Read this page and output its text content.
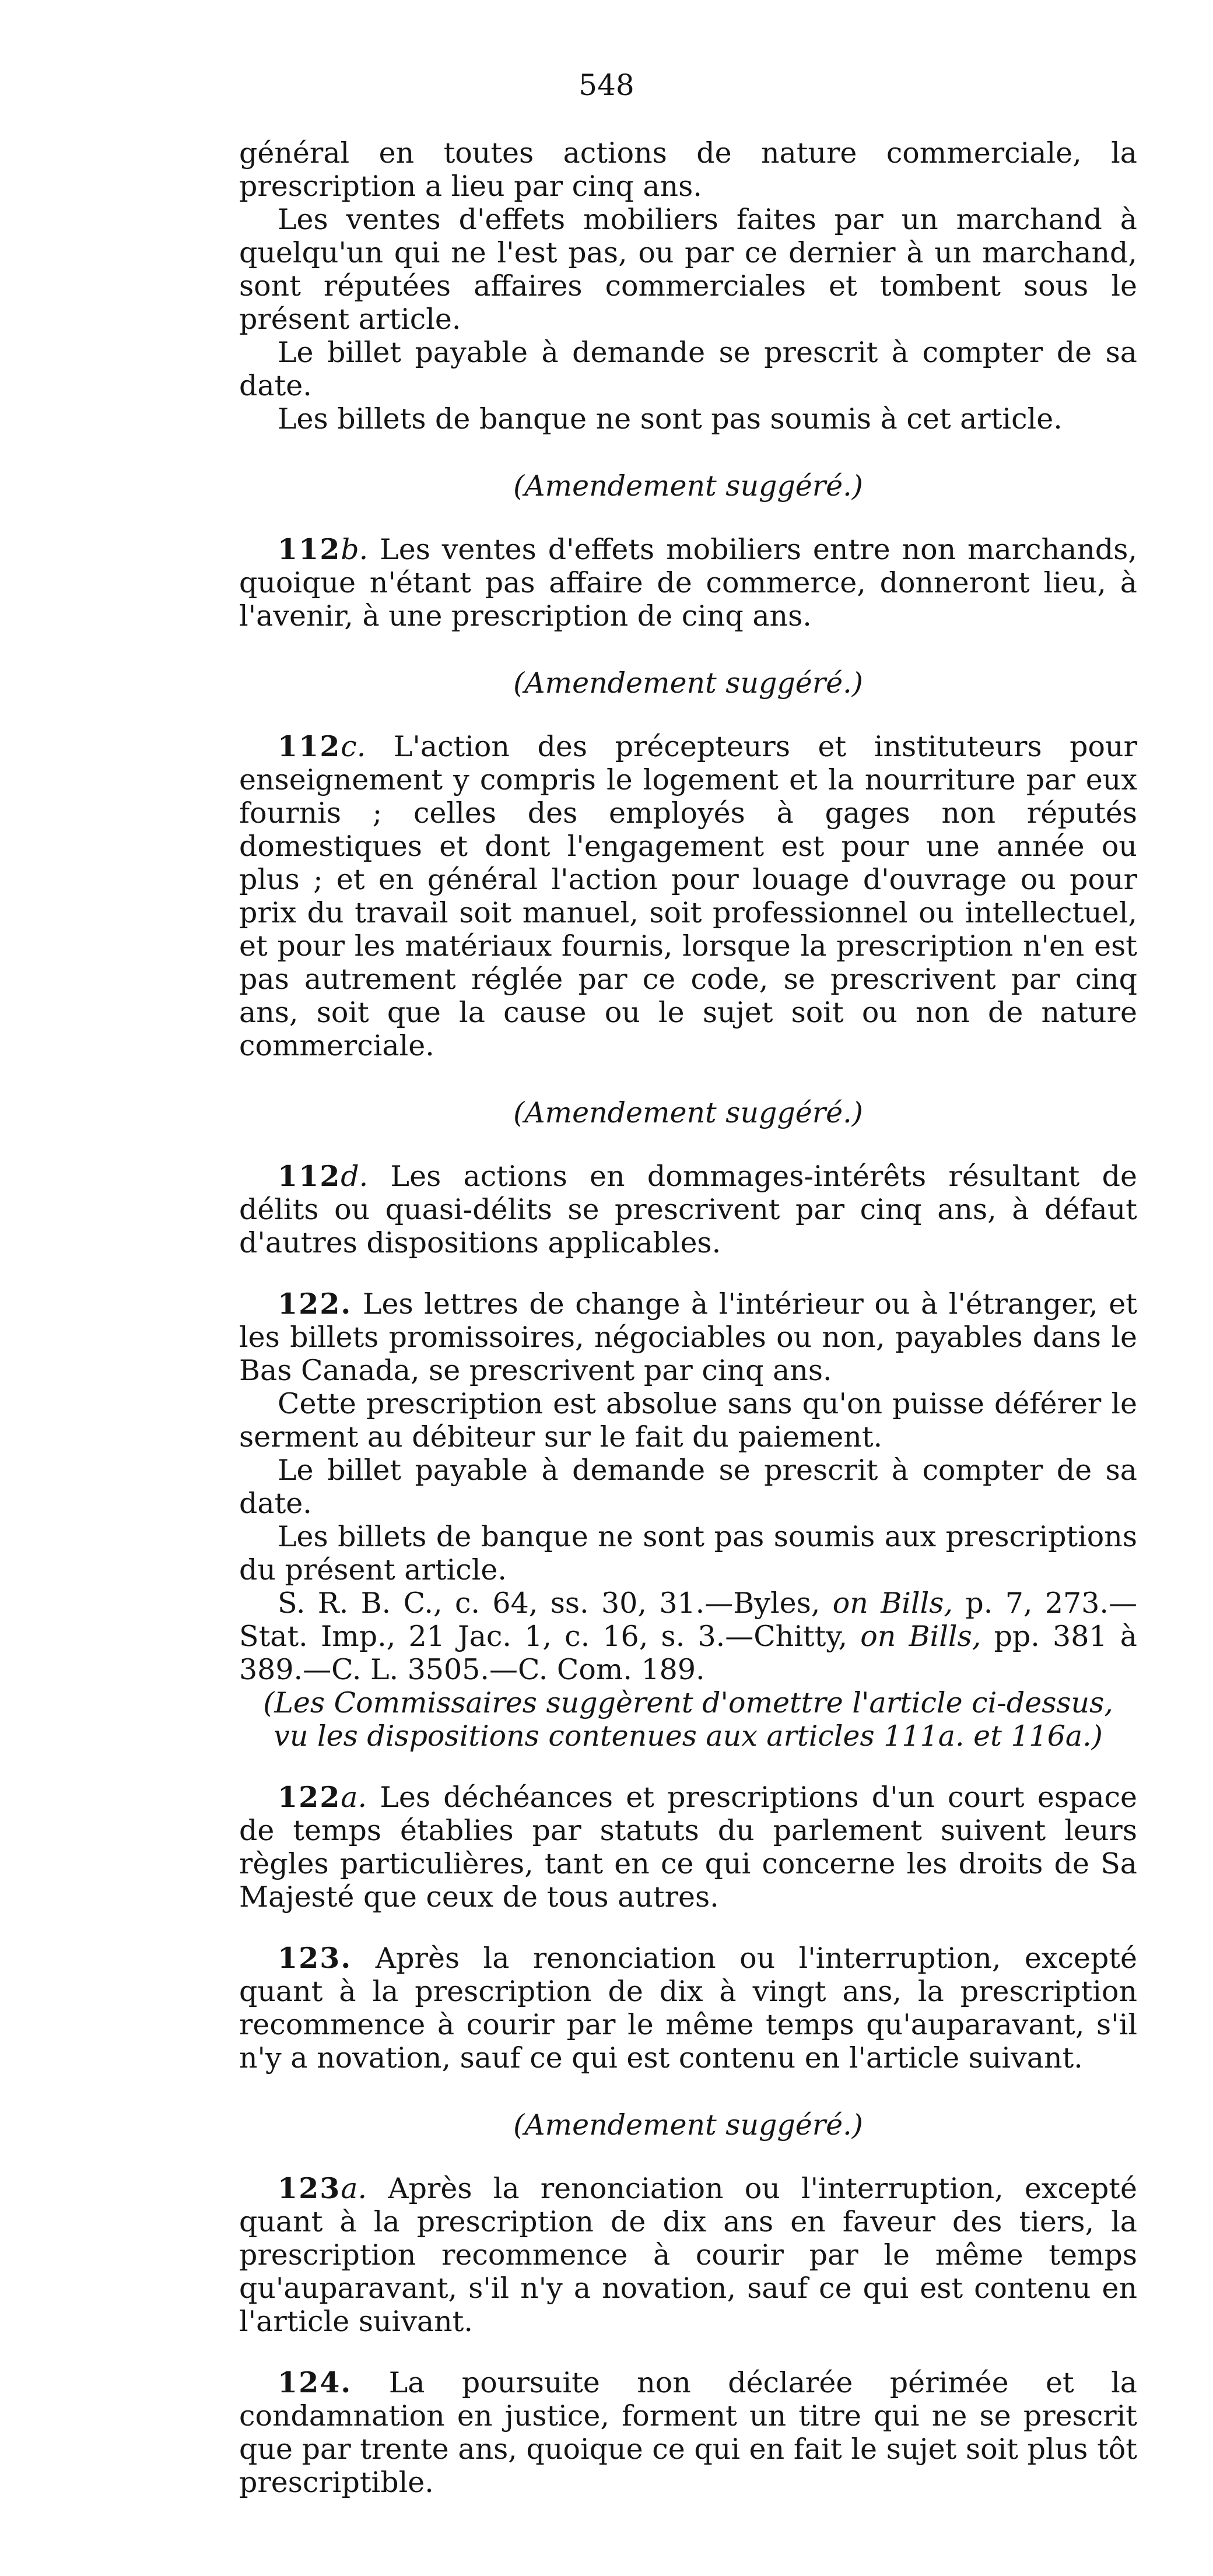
548

général en toutes actions de nature commerciale, la prescription a lieu par cinq ans.

Les ventes d'effets mobiliers faites par un marchand à quelqu'un qui ne l'est pas, ou par ce dernier à un marchand, sont réputées affaires commerciales et tombent sous le présent article.

Le billet payable à demande se prescrit à compter de sa date.

Les billets de banque ne sont pas soumis à cet article.

(Amendement suggéré.)

112b. Les ventes d'effets mobiliers entre non marchands, quoique n'étant pas affaire de commerce, donneront lieu, à l'avenir, à une prescription de cinq ans.

(Amendement suggéré.)

112c. L'action des précepteurs et instituteurs pour enseignement y compris le logement et la nourriture par eux fournis ; celles des employés à gages non réputés domestiques et dont l'engagement est pour une année ou plus ; et en général l'action pour louage d'ouvrage ou pour prix du travail soit manuel, soit professionnel ou intellectuel, et pour les matériaux fournis, lorsque la prescription n'en est pas autrement réglée par ce code, se prescrivent par cinq ans, soit que la cause ou le sujet soit ou non de nature commerciale.

(Amendement suggéré.)

112d. Les actions en dommages-intérêts résultant de délits ou quasi-délits se prescrivent par cinq ans, à défaut d'autres dispositions applicables.

122. Les lettres de change à l'intérieur ou à l'étranger, et les billets promissoires, négociables ou non, payables dans le Bas Canada, se prescrivent par cinq ans.

Cette prescription est absolue sans qu'on puisse déférer le serment au débiteur sur le fait du paiement.

Le billet payable à demande se prescrit à compter de sa date.

Les billets de banque ne sont pas soumis aux prescriptions du présent article.

S. R. B. C., c. 64, ss. 30, 31.—Byles, on Bills, p. 7, 273.—Stat. Imp., 21 Jac. 1, c. 16, s. 3.—Chitty, on Bills, pp. 381 à 389.—C. L. 3505.—C. Com. 189.

(Les Commissaires suggèrent d'omettre l'article ci-dessus, vu les dispositions contenues aux articles 111a. et 116a.)

122a. Les déchéances et prescriptions d'un court espace de temps établies par statuts du parlement suivent leurs règles particulières, tant en ce qui concerne les droits de Sa Majesté que ceux de tous autres.

123. Après la renonciation ou l'interruption, excepté quant à la prescription de dix à vingt ans, la prescription recommence à courir par le même temps qu'auparavant, s'il n'y a novation, sauf ce qui est contenu en l'article suivant.

(Amendement suggéré.)

123a. Après la renonciation ou l'interruption, excepté quant à la prescription de dix ans en faveur des tiers, la prescription recommence à courir par le même temps qu'auparavant, s'il n'y a novation, sauf ce qui est contenu en l'article suivant.

124. La poursuite non déclarée périmée et la condamnation en justice, forment un titre qui ne se prescrit que par trente ans, quoique ce qui en fait le sujet soit plus tôt prescriptible.
